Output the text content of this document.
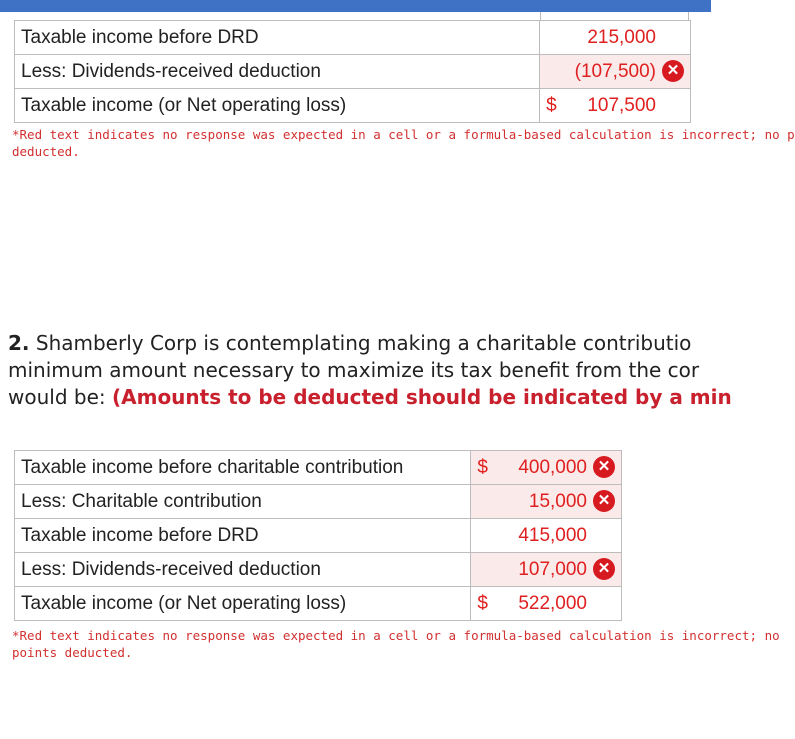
Taxable income before DRD	215,000
Less: Dividends-received deduction	(107,500) ✕
Taxable income (or Net operating loss)	$ 107,500
*Red text indicates no response was expected in a cell or a formula-based calculation is incorrect; no p
deducted.
2. Shamberly Corp is contemplating making a charitable contributio
minimum amount necessary to maximize its tax benefit from the cor
would be: (Amounts to be deducted should be indicated by a min
Taxable income before charitable contribution	$ 400,000 ✕
Less: Charitable contribution	15,000 ✕
Taxable income before DRD	415,000
Less: Dividends-received deduction	107,000 ✕
Taxable income (or Net operating loss)	$ 522,000
*Red text indicates no response was expected in a cell or a formula-based calculation is incorrect; no
points deducted.
